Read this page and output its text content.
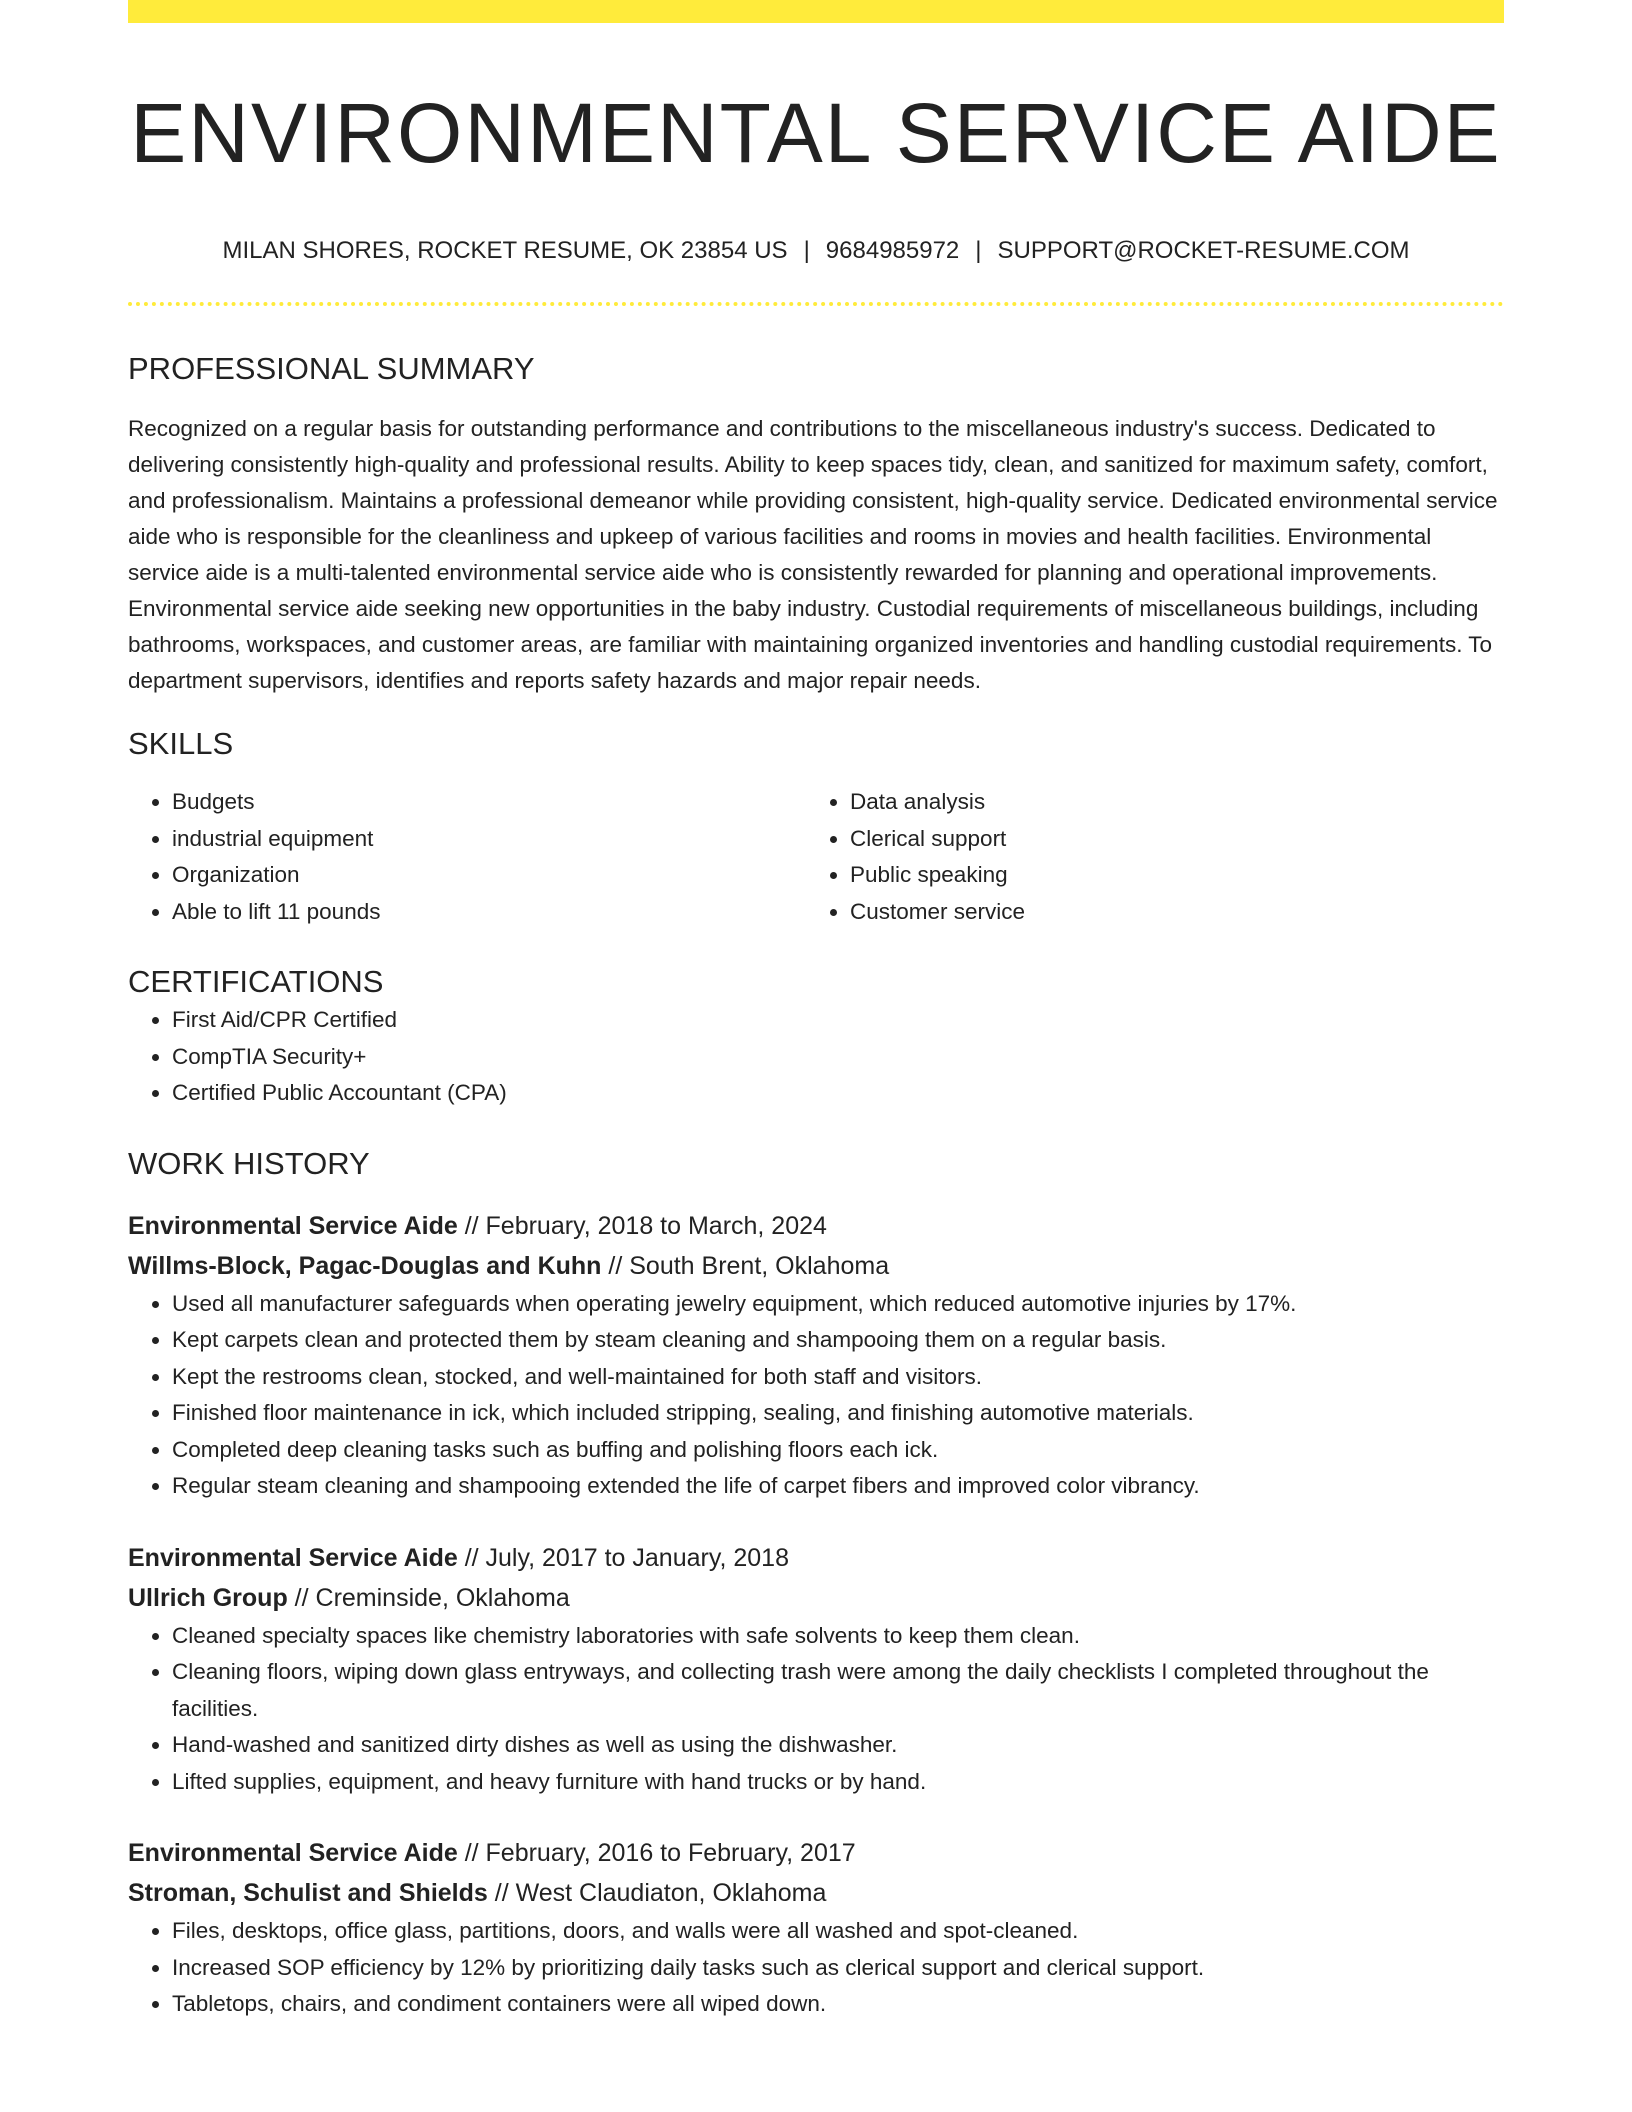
ENVIRONMENTAL SERVICE AIDE
MILAN SHORES, ROCKET RESUME, OK 23854 US | 9684985972 | SUPPORT@ROCKET-RESUME.COM
PROFESSIONAL SUMMARY

Recognized on a regular basis for outstanding performance and contributions to the miscellaneous industry's success. Dedicated to delivering consistently high-quality and professional results. Ability to keep spaces tidy, clean, and sanitized for maximum safety, comfort, and professionalism. Maintains a professional demeanor while providing consistent, high-quality service. Dedicated environmental service aide who is responsible for the cleanliness and upkeep of various facilities and rooms in movies and health facilities. Environmental service aide is a multi-talented environmental service aide who is consistently rewarded for planning and operational improvements. Environmental service aide seeking new opportunities in the baby industry. Custodial requirements of miscellaneous buildings, including bathrooms, workspaces, and customer areas, are familiar with maintaining organized inventories and handling custodial requirements. To department supervisors, identifies and reports safety hazards and major repair needs.

SKILLS
• Budgets
• industrial equipment
• Organization
• Able to lift 11 pounds
• Data analysis
• Clerical support
• Public speaking
• Customer service
CERTIFICATIONS
• First Aid/CPR Certified
• CompTIA Security+
• Certified Public Accountant (CPA)
WORK HISTORY
Environmental Service Aide // February, 2018 to March, 2024
Willms-Block, Pagac-Douglas and Kuhn // South Brent, Oklahoma
• Used all manufacturer safeguards when operating jewelry equipment, which reduced automotive injuries by 17%.
• Kept carpets clean and protected them by steam cleaning and shampooing them on a regular basis.
• Kept the restrooms clean, stocked, and well-maintained for both staff and visitors.
• Finished floor maintenance in ick, which included stripping, sealing, and finishing automotive materials.
• Completed deep cleaning tasks such as buffing and polishing floors each ick.
• Regular steam cleaning and shampooing extended the life of carpet fibers and improved color vibrancy.
Environmental Service Aide // July, 2017 to January, 2018
Ullrich Group // Creminside, Oklahoma
• Cleaned specialty spaces like chemistry laboratories with safe solvents to keep them clean.
• Cleaning floors, wiping down glass entryways, and collecting trash were among the daily checklists I completed throughout the facilities.
• Hand-washed and sanitized dirty dishes as well as using the dishwasher.
• Lifted supplies, equipment, and heavy furniture with hand trucks or by hand.
Environmental Service Aide // February, 2016 to February, 2017
Stroman, Schulist and Shields // West Claudiaton, Oklahoma
• Files, desktops, office glass, partitions, doors, and walls were all washed and spot-cleaned.
• Increased SOP efficiency by 12% by prioritizing daily tasks such as clerical support and clerical support.
• Tabletops, chairs, and condiment containers were all wiped down.
